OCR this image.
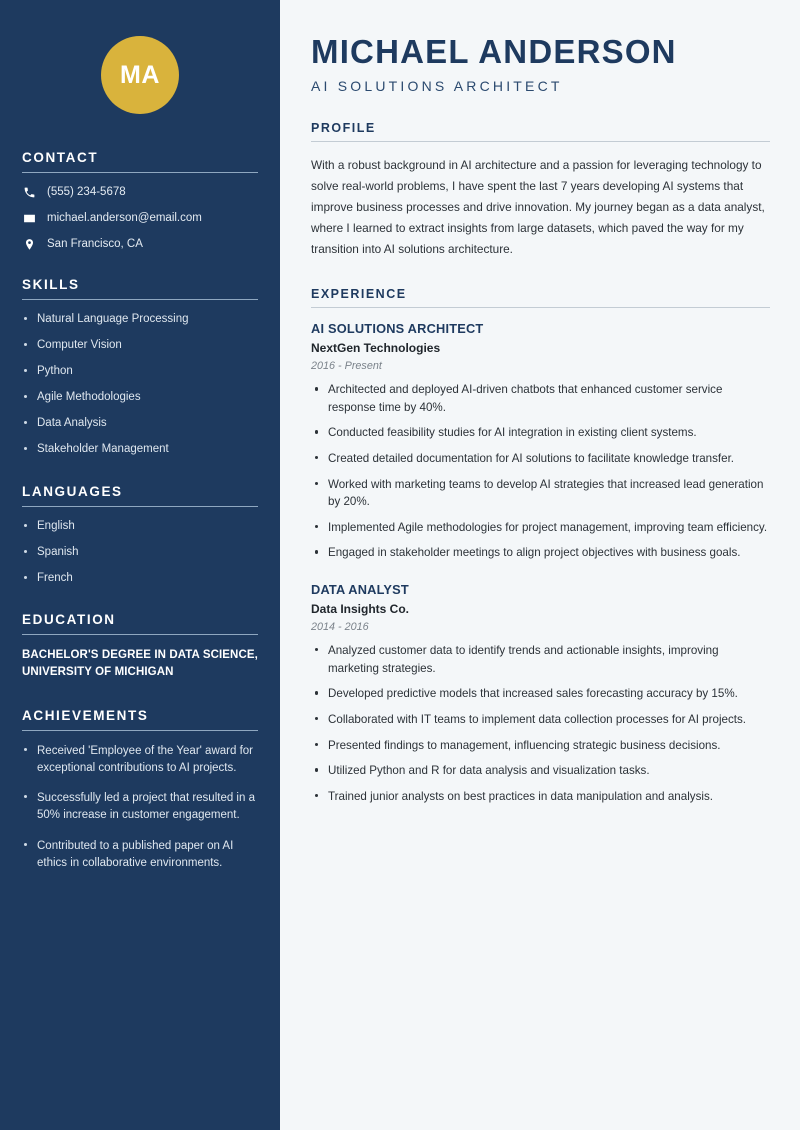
MA
CONTACT
(555) 234-5678
michael.anderson@email.com
San Francisco, CA
SKILLS
Natural Language Processing
Computer Vision
Python
Agile Methodologies
Data Analysis
Stakeholder Management
LANGUAGES
English
Spanish
French
EDUCATION
BACHELOR'S DEGREE IN DATA SCIENCE, UNIVERSITY OF MICHIGAN
ACHIEVEMENTS
Received 'Employee of the Year' award for exceptional contributions to AI projects.
Successfully led a project that resulted in a 50% increase in customer engagement.
Contributed to a published paper on AI ethics in collaborative environments.
MICHAEL ANDERSON
AI SOLUTIONS ARCHITECT
PROFILE

With a robust background in AI architecture and a passion for leveraging technology to solve real-world problems, I have spent the last 7 years developing AI systems that improve business processes and drive innovation. My journey began as a data analyst, where I learned to extract insights from large datasets, which paved the way for my transition into AI solutions architecture.

EXPERIENCE
AI SOLUTIONS ARCHITECT
NextGen Technologies
2016 - Present
Architected and deployed AI-driven chatbots that enhanced customer service response time by 40%.
Conducted feasibility studies for AI integration in existing client systems.
Created detailed documentation for AI solutions to facilitate knowledge transfer.
Worked with marketing teams to develop AI strategies that increased lead generation by 20%.
Implemented Agile methodologies for project management, improving team efficiency.
Engaged in stakeholder meetings to align project objectives with business goals.
DATA ANALYST
Data Insights Co.
2014 - 2016
Analyzed customer data to identify trends and actionable insights, improving marketing strategies.
Developed predictive models that increased sales forecasting accuracy by 15%.
Collaborated with IT teams to implement data collection processes for AI projects.
Presented findings to management, influencing strategic business decisions.
Utilized Python and R for data analysis and visualization tasks.
Trained junior analysts on best practices in data manipulation and analysis.
